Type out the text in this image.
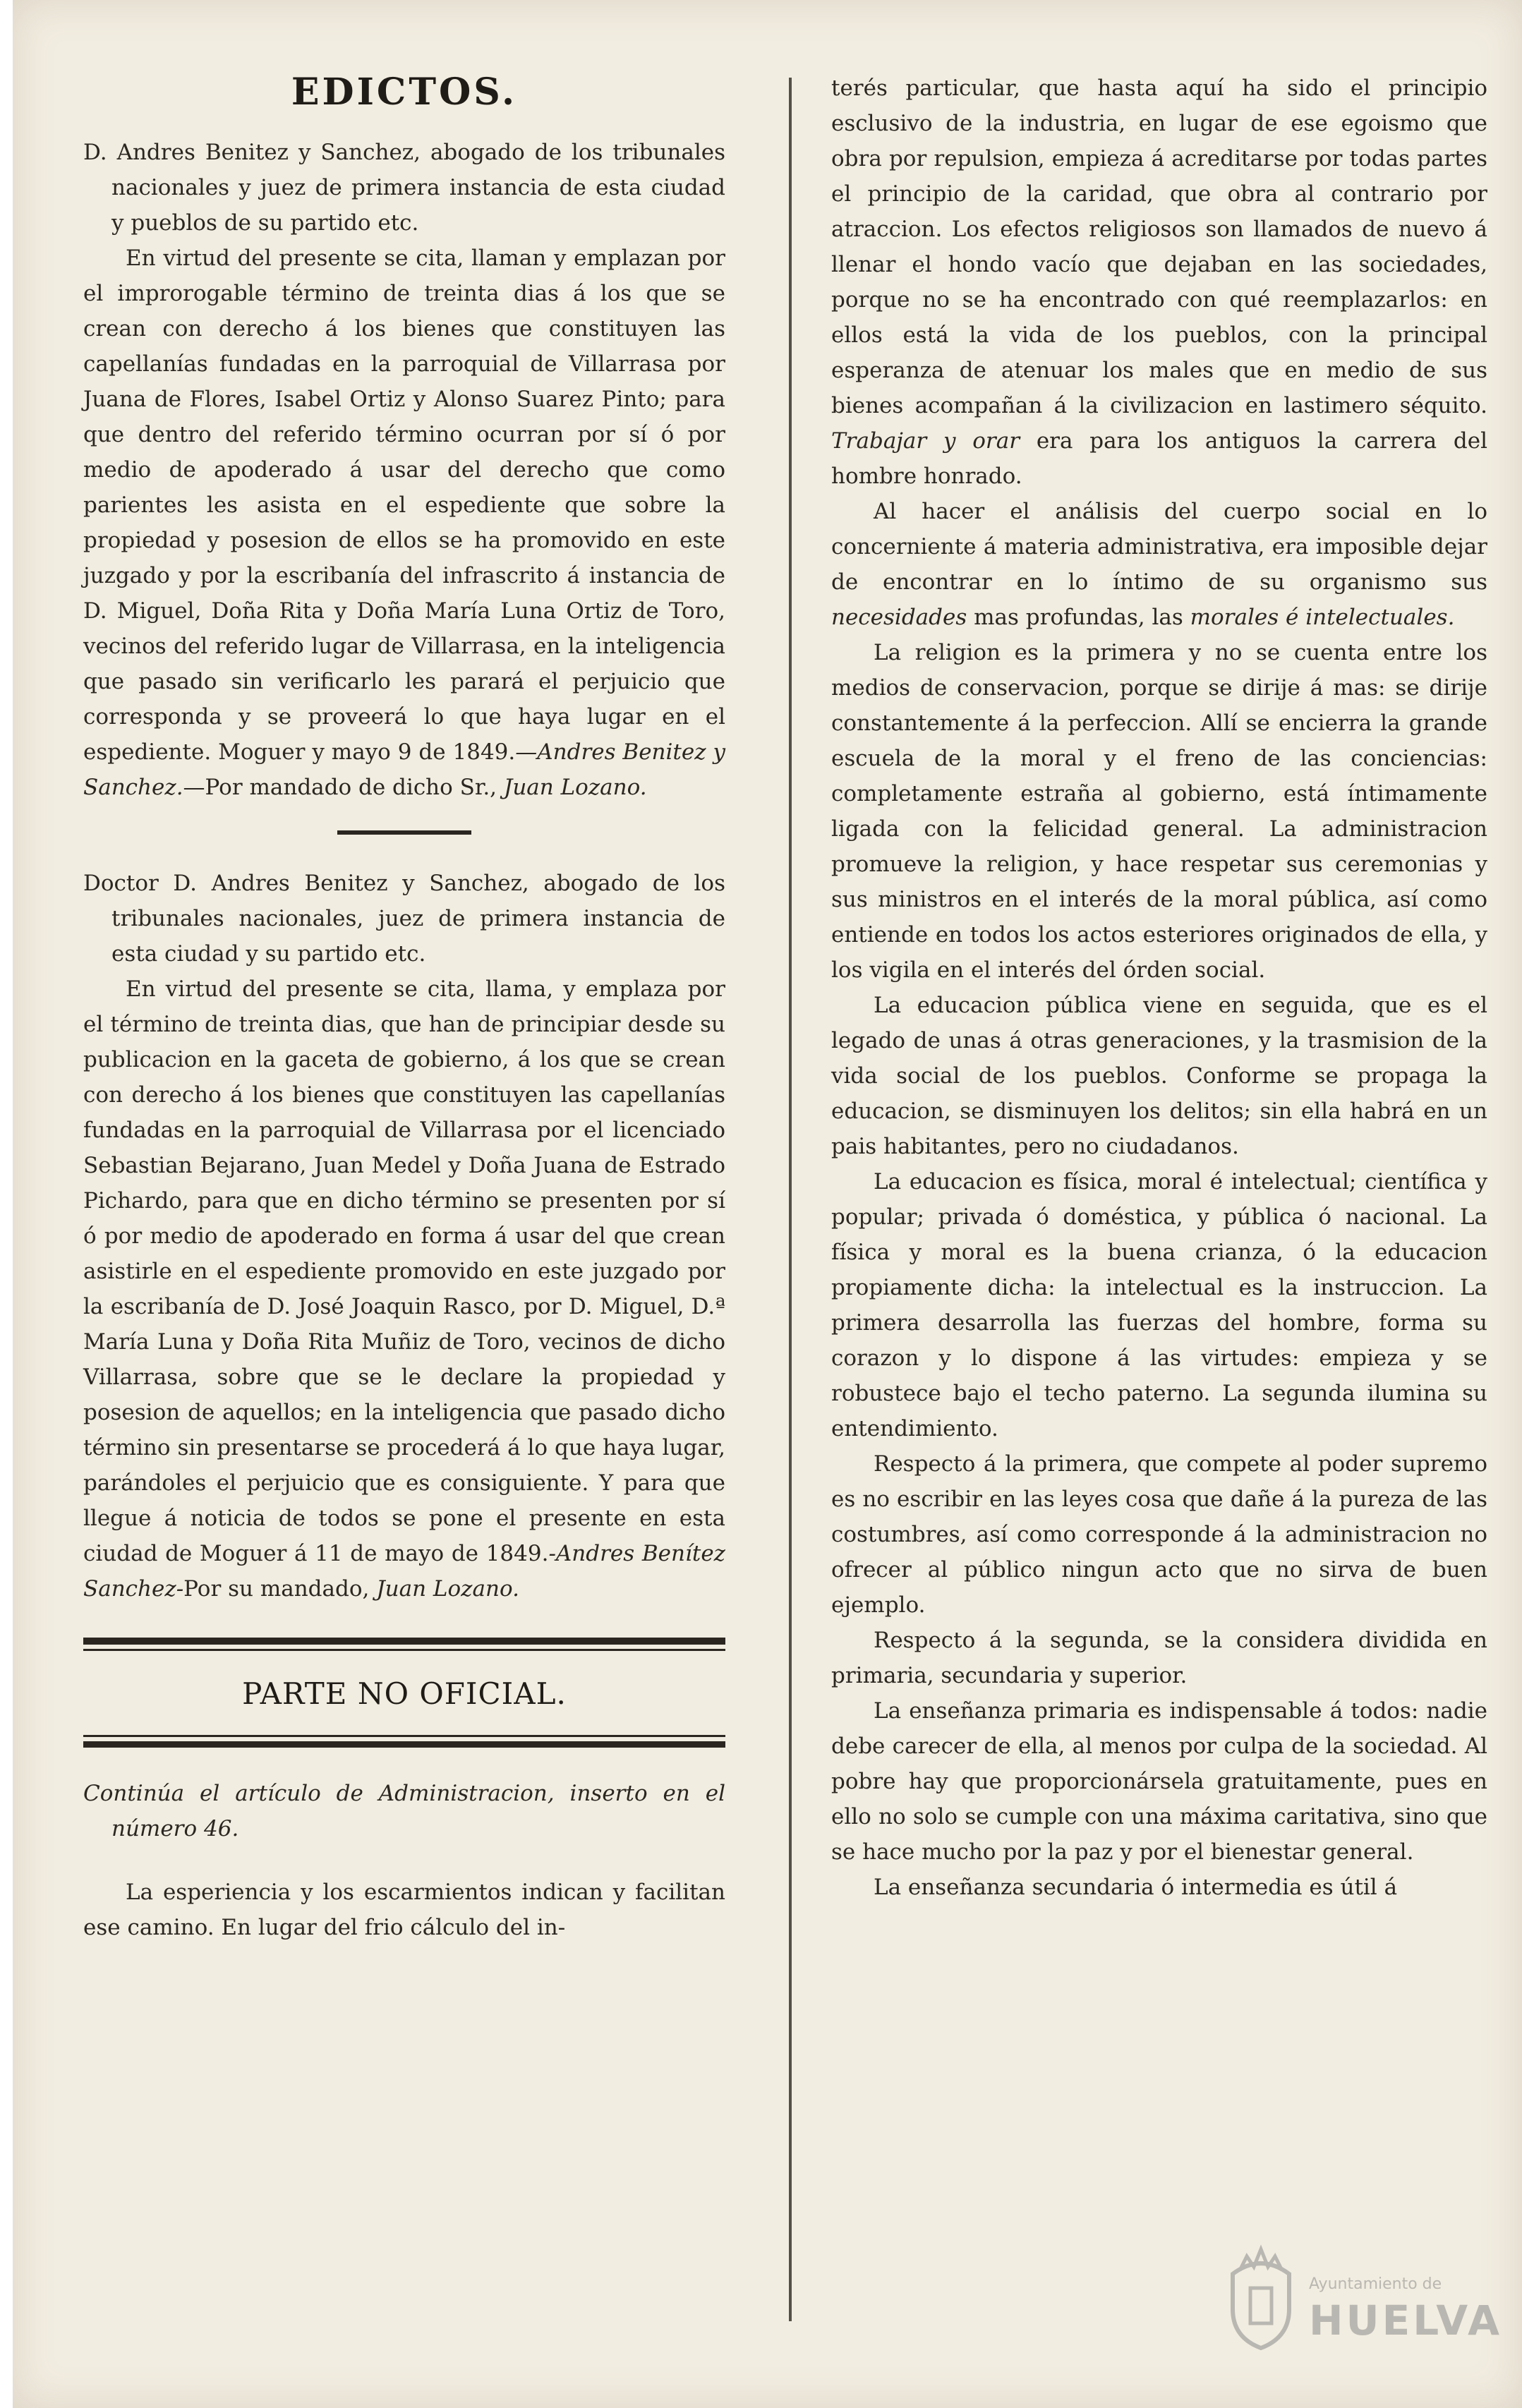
EDICTOS.

D. Andres Benitez y Sanchez, abogado de los tribunales nacionales y juez de primera instancia de esta ciudad y pueblos de su partido etc.

En virtud del presente se cita, llaman y emplazan por el improrogable término de treinta dias á los que se crean con derecho á los bienes que constituyen las capellanías fundadas en la parroquial de Villarrasa por Juana de Flores, Isabel Ortiz y Alonso Suarez Pinto; para que dentro del referido término ocurran por sí ó por medio de apoderado á usar del derecho que como parientes les asista en el espediente que sobre la propiedad y posesion de ellos se ha promovido en este juzgado y por la escribanía del infrascrito á instancia de D. Miguel, Doña Rita y Doña María Luna Ortiz de Toro, vecinos del referido lugar de Villarrasa, en la inteligencia que pasado sin verificarlo les parará el perjuicio que corresponda y se proveerá lo que haya lugar en el espediente. Moguer y mayo 9 de 1849.—Andres Benitez y Sanchez.—Por mandado de dicho Sr., Juan Lozano.

Doctor D. Andres Benitez y Sanchez, abogado de los tribunales nacionales, juez de primera instancia de esta ciudad y su partido etc.

En virtud del presente se cita, llama, y emplaza por el término de treinta dias, que han de principiar desde su publicacion en la gaceta de gobierno, á los que se crean con derecho á los bienes que constituyen las capellanías fundadas en la parroquial de Villarrasa por el licenciado Sebastian Bejarano, Juan Medel y Doña Juana de Estrado Pichardo, para que en dicho término se presenten por sí ó por medio de apoderado en forma á usar del que crean asistirle en el espediente promovido en este juzgado por la escribanía de D. José Joaquin Rasco, por D. Miguel, D.ª María Luna y Doña Rita Muñiz de Toro, vecinos de dicho Villarrasa, sobre que se le declare la propiedad y posesion de aquellos; en la inteligencia que pasado dicho término sin presentarse se procederá á lo que haya lugar, parándoles el perjuicio que es consiguiente. Y para que llegue á noticia de todos se pone el presente en esta ciudad de Moguer á 11 de mayo de 1849.-Andres Benítez Sanchez-Por su mandado, Juan Lozano.

PARTE NO OFICIAL.

Continúa el artículo de Administracion, inserto en el número 46.

La esperiencia y los escarmientos indican y facilitan ese camino. En lugar del frio cálculo del in-

terés particular, que hasta aquí ha sido el principio esclusivo de la industria, en lugar de ese egoismo que obra por repulsion, empieza á acreditarse por todas partes el principio de la caridad, que obra al contrario por atraccion. Los efectos religiosos son llamados de nuevo á llenar el hondo vacío que dejaban en las sociedades, porque no se ha encontrado con qué reemplazarlos: en ellos está la vida de los pueblos, con la principal esperanza de atenuar los males que en medio de sus bienes acompañan á la civilizacion en lastimero séquito. Trabajar y orar era para los antiguos la carrera del hombre honrado.

Al hacer el análisis del cuerpo social en lo concerniente á materia administrativa, era imposible dejar de encontrar en lo íntimo de su organismo sus necesidades mas profundas, las morales é intelectuales.

La religion es la primera y no se cuenta entre los medios de conservacion, porque se dirije á mas: se dirije constantemente á la perfeccion. Allí se encierra la grande escuela de la moral y el freno de las conciencias: completamente estraña al gobierno, está íntimamente ligada con la felicidad general. La administracion promueve la religion, y hace respetar sus ceremonias y sus ministros en el interés de la moral pública, así como entiende en todos los actos esteriores originados de ella, y los vigila en el interés del órden social.

La educacion pública viene en seguida, que es el legado de unas á otras generaciones, y la trasmision de la vida social de los pueblos. Conforme se propaga la educacion, se disminuyen los delitos; sin ella habrá en un pais habitantes, pero no ciudadanos.

La educacion es física, moral é intelectual; científica y popular; privada ó doméstica, y pública ó nacional. La física y moral es la buena crianza, ó la educacion propiamente dicha: la intelectual es la instruccion. La primera desarrolla las fuerzas del hombre, forma su corazon y lo dispone á las virtudes: empieza y se robustece bajo el techo paterno. La segunda ilumina su entendimiento.

Respecto á la primera, que compete al poder supremo es no escribir en las leyes cosa que dañe á la pureza de las costumbres, así como corresponde á la administracion no ofrecer al público ningun acto que no sirva de buen ejemplo.

Respecto á la segunda, se la considera dividida en primaria, secundaria y superior.

La enseñanza primaria es indispensable á todos: nadie debe carecer de ella, al menos por culpa de la sociedad. Al pobre hay que proporcionársela gratuitamente, pues en ello no solo se cumple con una máxima caritativa, sino que se hace mucho por la paz y por el bienestar general.

La enseñanza secundaria ó intermedia es útil á

Ayuntamiento de
HUELVA
